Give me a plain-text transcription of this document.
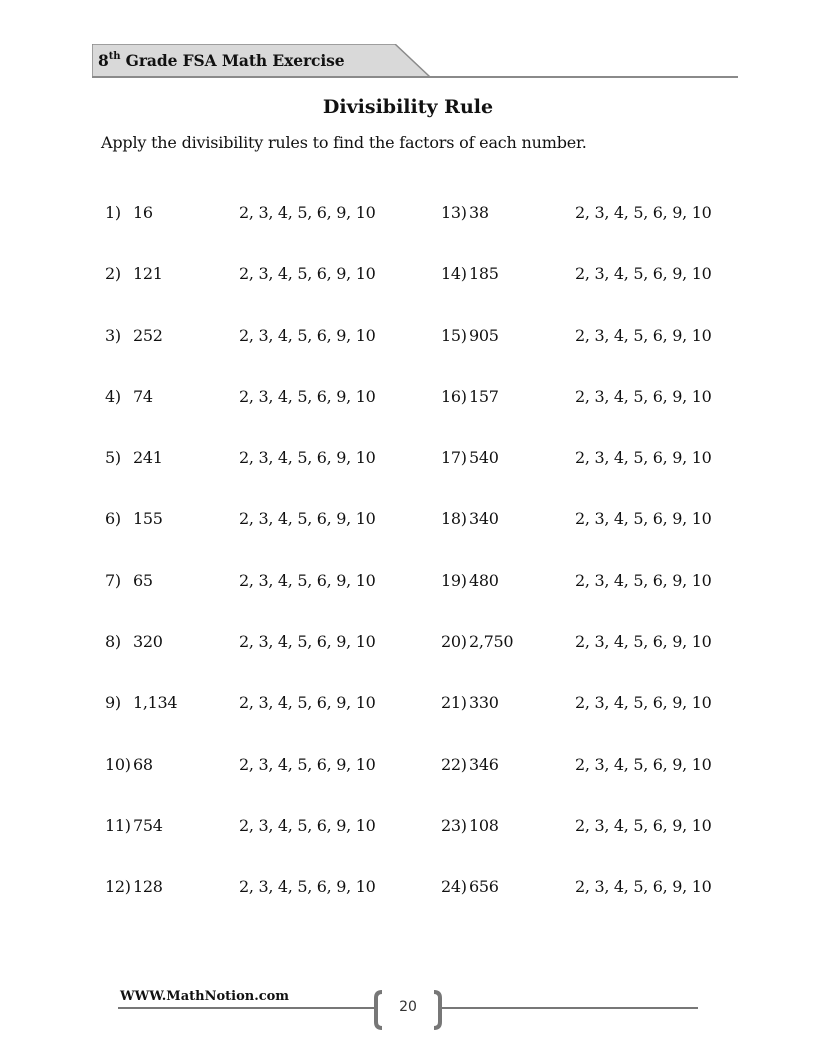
8th Grade FSA Math Exercise
Divisibility Rule
Apply the divisibility rules to find the factors of each number.
1) 16	2, 3, 4, 5, 6, 9, 10
2) 121	2, 3, 4, 5, 6, 9, 10
3) 252	2, 3, 4, 5, 6, 9, 10
4) 74	2, 3, 4, 5, 6, 9, 10
5) 241	2, 3, 4, 5, 6, 9, 10
6) 155	2, 3, 4, 5, 6, 9, 10
7) 65	2, 3, 4, 5, 6, 9, 10
8) 320	2, 3, 4, 5, 6, 9, 10
9) 1,134	2, 3, 4, 5, 6, 9, 10
10) 68	2, 3, 4, 5, 6, 9, 10
11) 754	2, 3, 4, 5, 6, 9, 10
12) 128	2, 3, 4, 5, 6, 9, 10
13) 38	2, 3, 4, 5, 6, 9, 10
14) 185	2, 3, 4, 5, 6, 9, 10
15) 905	2, 3, 4, 5, 6, 9, 10
16) 157	2, 3, 4, 5, 6, 9, 10
17) 540	2, 3, 4, 5, 6, 9, 10
18) 340	2, 3, 4, 5, 6, 9, 10
19) 480	2, 3, 4, 5, 6, 9, 10
20) 2,750	2, 3, 4, 5, 6, 9, 10
21) 330	2, 3, 4, 5, 6, 9, 10
22) 346	2, 3, 4, 5, 6, 9, 10
23) 108	2, 3, 4, 5, 6, 9, 10
24) 656	2, 3, 4, 5, 6, 9, 10
WWW.MathNotion.com
20
